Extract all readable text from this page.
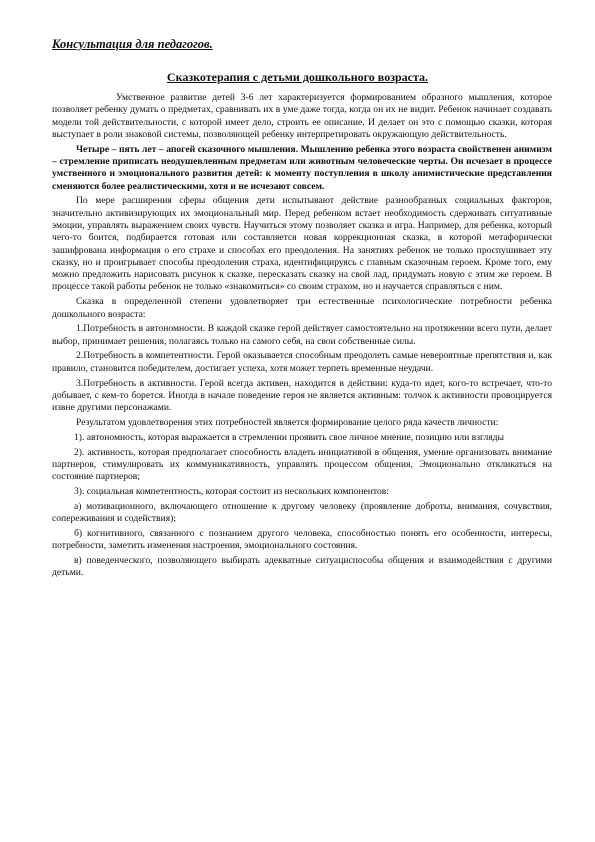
Консультация для педагогов.
Сказкотерапия с детьми дошкольного возраста.

Умственное развитие детей 3-6 лет характеризуется формированием образного мышления, которое позволяет ребенку думать о предметах, сравнивать их в уме даже тогда, когда он их не видит. Ребенок начинает создавать модели той действительности, с которой имеет дело, строить ее описание. И делает он это с помощью сказки, которая выступает в роли знаковой системы, позволяющей ребенку интерпретировать окружающую действительность.

Четыре – пять лет – апогей сказочного мышления. Мышлению ребенка этого возраста свойственен анимизм – стремление приписать неодушевленным предметам или животным человеческие черты. Он исчезает в процессе умственного и эмоционального развития детей: к моменту поступления в школу анимистические представления сменяются более реалистическими, хотя и не исчезают совсем.

По мере расширения сферы общения дети испытывают действие разнообразных социальных факторов, значительно активизирующих их эмоциональный мир. Перед ребенком встает необходимость сдерживать ситуативные эмоции, управлять выражением своих чувств. Научиться этому позволяет сказка и игра. Например, для ребенка, который чего-то боится, подбирается готовая или составляется новая коррекционная сказка, в которой метафорически зашифрована информация о его страхе и способах его преодоления. На занятиях ребенок не только проспушивает эту сказку, но и проигрывает способы преодоления страха, идентифицируясь с главным сказочным героем. Кроме того, ему можно предложить нарисовать рисунок к сказке, пересказать сказку на свой лад, придумать новую с этим же героем. В процессе такой работы ребенок не только «знакомиться» со своим страхом, но и научается справляться с ним.

Сказка в определенной степени удовлетворяет три естественные психологические потребности ребенка дошкольного возраста:

1.Потребность в автономности. В каждой сказке герой действует самостоятельно на протяжении всего пути, делает выбор, принимает решения, полагаясь только на самого себя, на свои собственные силы.

2.Потребность в компетентности. Герой оказывается способным преодолеть самые невероятные препятствия и, как правило, становится победителем, достигает успеха, хотя может терпеть временные неудачи.

3.Потребность в активности. Герой всегда активен, находится в действии: куда-то идет, кого-то встречает, что-то добывает, с кем-то борется. Иногда в начале поведение героя не является активным: толчок к активности провоцируется извне другими персонажами.

Результатом удовлетворения этих потребностей является формирование целого ряда качеств личности:

1). автономность, которая выражается в стремлении проявить свое личное мнение, позицию или взгляды

2). активность, которая предполагает способность владеть инициативой в общения, умение организовать внимание партнеров, стимулировать их коммуникативность, управлять процессом общения, Эмоционально откликаться на состояние партнеров;

3). социальная компетентность, которая состоит из нескольких компонентов:

а) мотивационного, включающего отношение к другому человеку (проявление доброты, внимания, сочувствия, сопереживания и содействия);

б) когнитивного, связанного с познанием другого человека, способностью понять его особенности, интересы, потребности, заметить изменения настроения, эмоционального состояния.

в) поведенческого, позволяющего выбирать адекватные ситуациспособы общения и взаимодействия с другими детьми.
